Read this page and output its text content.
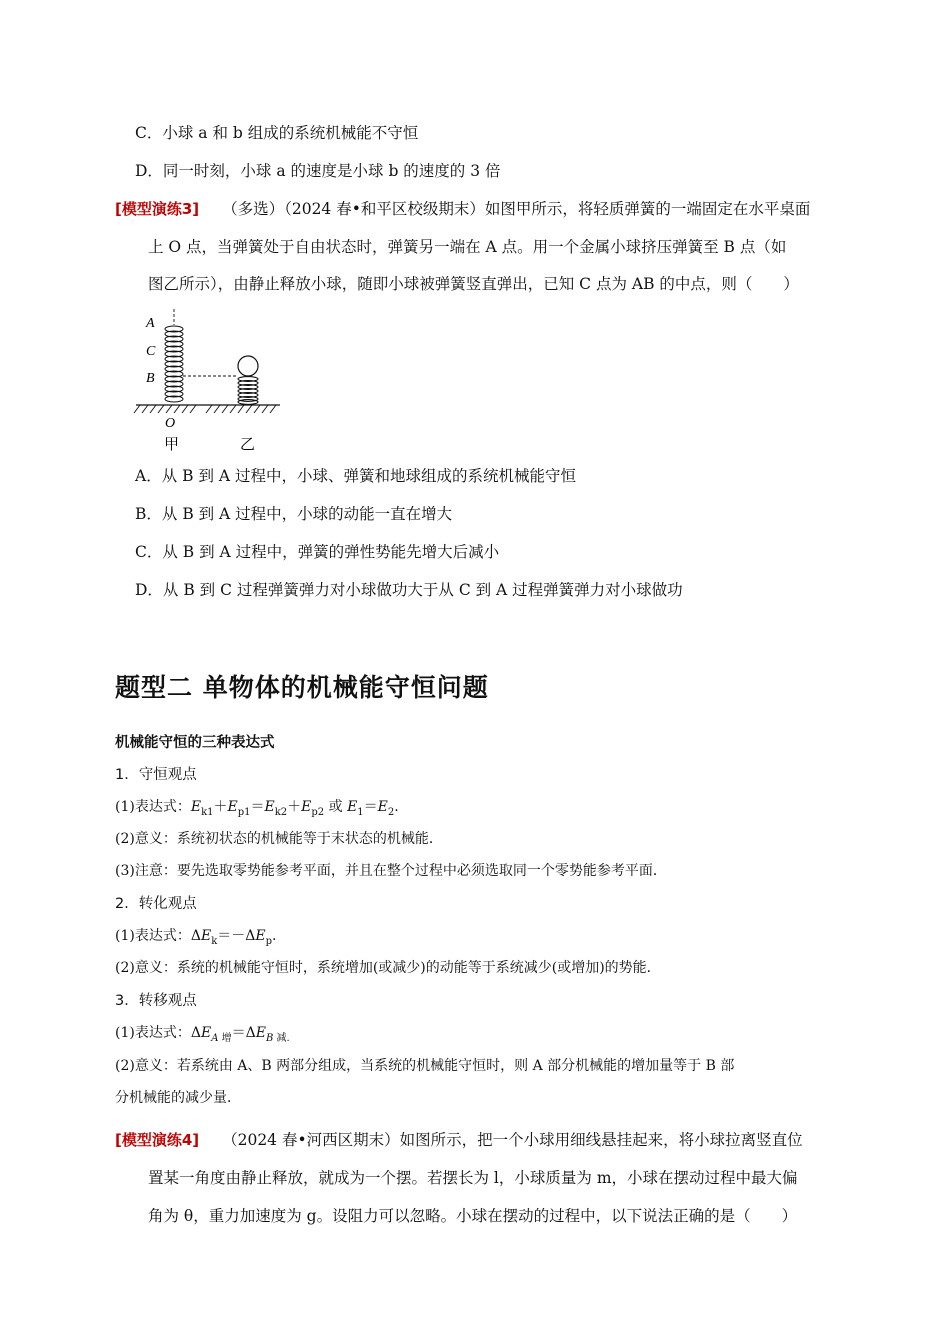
C．小球 a 和 b 组成的系统机械能不守恒
D．同一时刻，小球 a 的速度是小球 b 的速度的 3 倍
[模型演练3] （多选）（2024 春•和平区校级期末）如图甲所示，将轻质弹簧的一端固定在水平桌面
上 O 点，当弹簧处于自由状态时，弹簧另一端在 A 点。用一个金属小球挤压弹簧至 B 点（如
图乙所示），由静止释放小球，随即小球被弹簧竖直弹出，已知 C 点为 AB 的中点，则（　　）
A
C
B
O
甲	乙
A．从 B 到 A 过程中，小球、弹簧和地球组成的系统机械能守恒
B．从 B 到 A 过程中，小球的动能一直在增大
C．从 B 到 A 过程中，弹簧的弹性势能先增大后减小
D．从 B 到 C 过程弹簧弹力对小球做功大于从 C 到 A 过程弹簧弹力对小球做功
题型二 单物体的机械能守恒问题
机械能守恒的三种表达式
1．守恒观点
(1)表达式：$E_{k1}+E_{p1}=E_{k2}+E_{p2}$ 或 $E_1=E_2$.
(2)意义：系统初状态的机械能等于末状态的机械能．
(3)注意：要先选取零势能参考平面，并且在整个过程中必须选取同一个零势能参考平面．
2．转化观点
(1)表达式：$\Delta E_k=-\Delta E_p$.
(2)意义：系统的机械能守恒时，系统增加(或减少)的动能等于系统减少(或增加)的势能．
3．转移观点
(1)表达式：$\Delta E_{A 增}=\Delta E_{B 减.}$
(2)意义：若系统由 A、B 两部分组成，当系统的机械能守恒时，则 A 部分机械能的增加量等于 B 部
分机械能的减少量．
[模型演练4] （2024 春•河西区期末）如图所示，把一个小球用细线悬挂起来，将小球拉离竖直位
置某一角度由静止释放，就成为一个摆。若摆长为 l，小球质量为 m，小球在摆动过程中最大偏
角为 θ，重力加速度为 g。设阻力可以忽略。小球在摆动的过程中，以下说法正确的是（　　）
